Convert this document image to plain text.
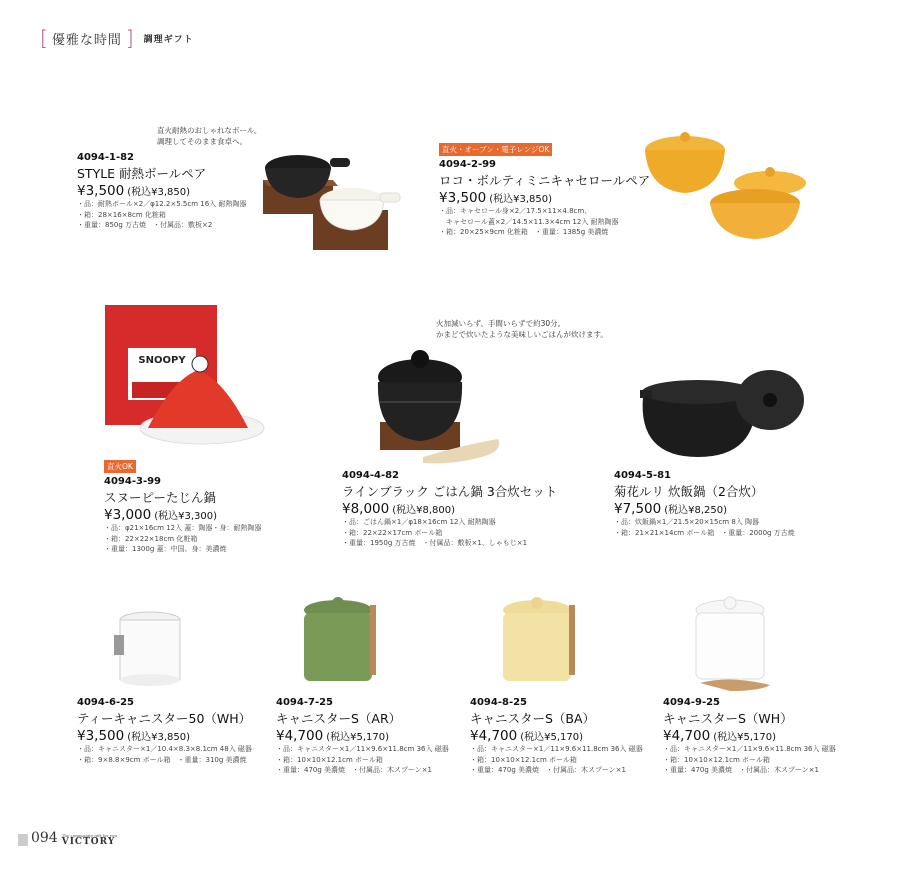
[ 優雅な時間 ] 調理ギフト
直火耐熱のおしゃれなボール。
調理してそのまま食卓へ。
火加減いらず、手間いらずで約30分。
かまどで炊いたような美味しいごはんが炊けます。
SNOOPY
4094-1-82
STYLE 耐熱ボールペア
¥3,500 (税込¥3,850)
・品：耐熱ボール×2／φ12.2×5.5cm 16入 耐熱陶器
・箱：28×16×8cm 化粧箱
・重量：850g 万古焼　・付属品：敷板×2
直火・オーブン・電子レンジOK
4094-2-99
ロコ・ボルティミニキャセロールペア
¥3,500 (税込¥3,850)
・品：キャセロール身×2／17.5×11×4.8cm、
　キャセロール蓋×2／14.5×11.3×4cm 12入 耐熱陶器
・箱：20×25×9cm 化粧箱　・重量：1385g 美濃焼
直火OK
4094-3-99
スヌーピーたじん鍋
¥3,000 (税込¥3,300)
・品：φ21×16cm 12入 蓋：陶器・身：耐熱陶器
・箱：22×22×18cm 化粧箱
・重量：1300g 蓋：中国、身：美濃焼
4094-4-82
ラインブラック ごはん鍋 3合炊セット
¥8,000 (税込¥8,800)
・品：ごはん鍋×1／φ18×16cm 12入 耐熱陶器
・箱：22×22×17cm ボール箱
・重量：1950g 万古焼　・付属品：敷板×1、しゃもじ×1
4094-5-81
菊花ルリ 炊飯鍋（2合炊）
¥7,500 (税込¥8,250)
・品：炊飯鍋×1／21.5×20×15cm 8入 陶器
・箱：21×21×14cm ボール箱　・重量：2000g 万古焼
4094-6-25
ティーキャニスター50（WH）
¥3,500 (税込¥3,850)
・品：キャニスター×1／10.4×8.3×8.1cm 48入 磁器
・箱：9×8.8×9cm ボール箱　・重量：310g 美濃焼
4094-7-25
キャニスターS（AR）
¥4,700 (税込¥5,170)
・品：キャニスター×1／11×9.6×11.8cm 36入 磁器
・箱：10×10×12.1cm ボール箱
・重量：470g 美濃焼　・付属品：木スプーン×1
4094-8-25
キャニスターS（BA）
¥4,700 (税込¥5,170)
・品：キャニスター×1／11×9.6×11.8cm 36入 磁器
・箱：10×10×12.1cm ボール箱
・重量：470g 美濃焼　・付属品：木スプーン×1
4094-9-25
キャニスターS（WH）
¥4,700 (税込¥5,170)
・品：キャニスター×1／11×9.6×11.8cm 36入 磁器
・箱：10×10×12.1cm ボール箱
・重量：470g 美濃焼　・付属品：木スプーン×1
094 The community gift for you
VICTORY
